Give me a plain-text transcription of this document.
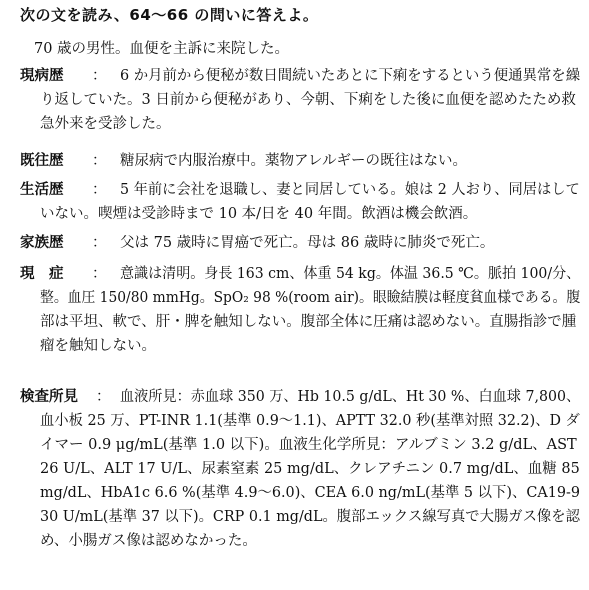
次の文を読み、64～66 の問いに答えよ。
70 歳の男性。血便を主訴に来院した。
現病歴 ： 6 か月前から便秘が数日間続いたあとに下痢をするという便通異常を繰
り返していた。3 日前から便秘があり、今朝、下痢をした後に血便を認めたため救
急外来を受診した。
既往歴 ： 糖尿病で内服治療中。薬物アレルギーの既往はない。
生活歴 ： 5 年前に会社を退職し、妻と同居している。娘は 2 人おり、同居はして
いない。喫煙は受診時まで 10 本/日を 40 年間。飲酒は機会飲酒。
家族歴 ： 父は 75 歳時に胃癌で死亡。母は 86 歳時に肺炎で死亡。
現　症 ： 意識は清明。身長 163 cm、体重 54 kg。体温 36.5 ℃。脈拍 100/分、
整。血圧 150/80 mmHg。SpO₂ 98 %(room air)。眼瞼結膜は軽度貧血様である。腹
部は平坦、軟で、肝・脾を触知しない。腹部全体に圧痛は認めない。直腸指診で腫
瘤を触知しない。
検査所見 ： 血液所見：赤血球 350 万、Hb 10.5 g/dL、Ht 30 %、白血球 7,800、
血小板 25 万、PT-INR 1.1(基準 0.9～1.1)、APTT 32.0 秒(基準対照 32.2)、D ダ
イマー 0.9 μg/mL(基準 1.0 以下)。血液生化学所見：アルブミン 3.2 g/dL、AST
26 U/L、ALT 17 U/L、尿素窒素 25 mg/dL、クレアチニン 0.7 mg/dL、血糖 85
mg/dL、HbA1c 6.6 %(基準 4.9～6.0)、CEA 6.0 ng/mL(基準 5 以下)、CA19-9
30 U/mL(基準 37 以下)。CRP 0.1 mg/dL。腹部エックス線写真で大腸ガス像を認
め、小腸ガス像は認めなかった。
